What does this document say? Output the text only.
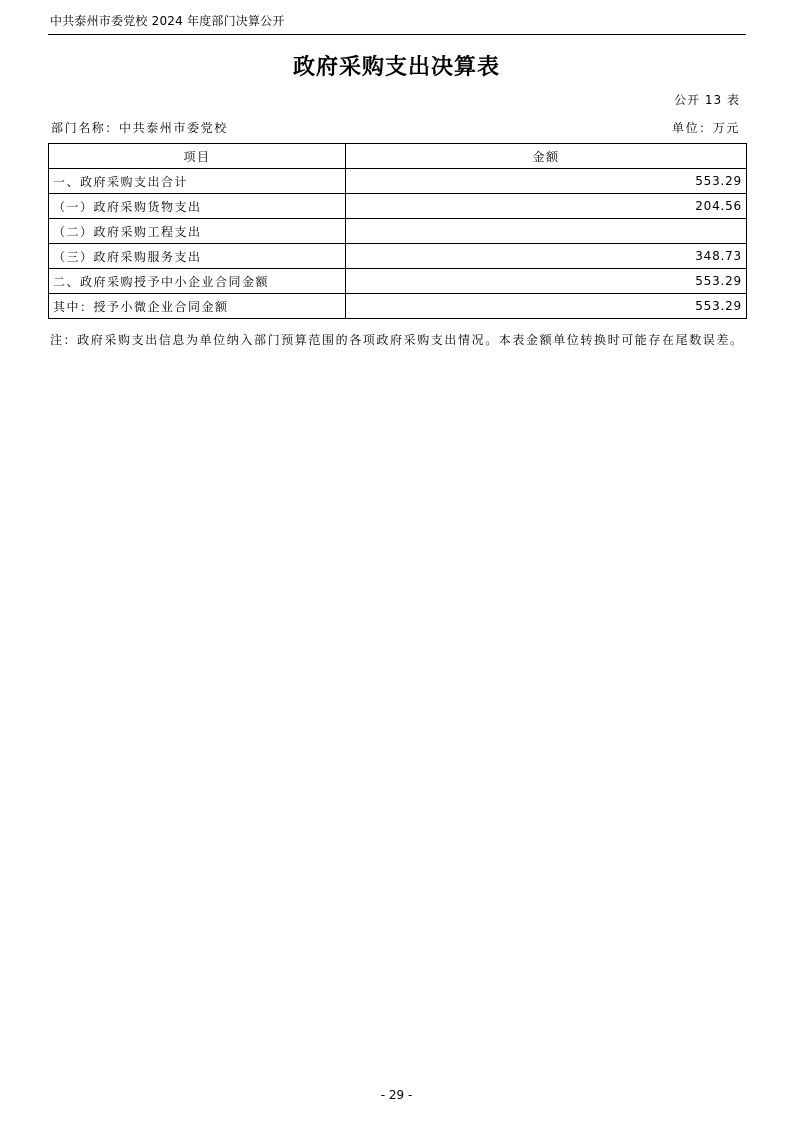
中共泰州市委党校 2024 年度部门决算公开
政府采购支出决算表
公开 13 表
部门名称：中共泰州市委党校	单位：万元
项目	金额
一、政府采购支出合计	553.29
（一）政府采购货物支出	204.56
（二）政府采购工程支出	
（三）政府采购服务支出	348.73
二、政府采购授予中小企业合同金额	553.29
其中：授予小微企业合同金额	553.29
注：政府采购支出信息为单位纳入部门预算范围的各项政府采购支出情况。本表金额单位转换时可能存在尾数误差。
- 29 -
